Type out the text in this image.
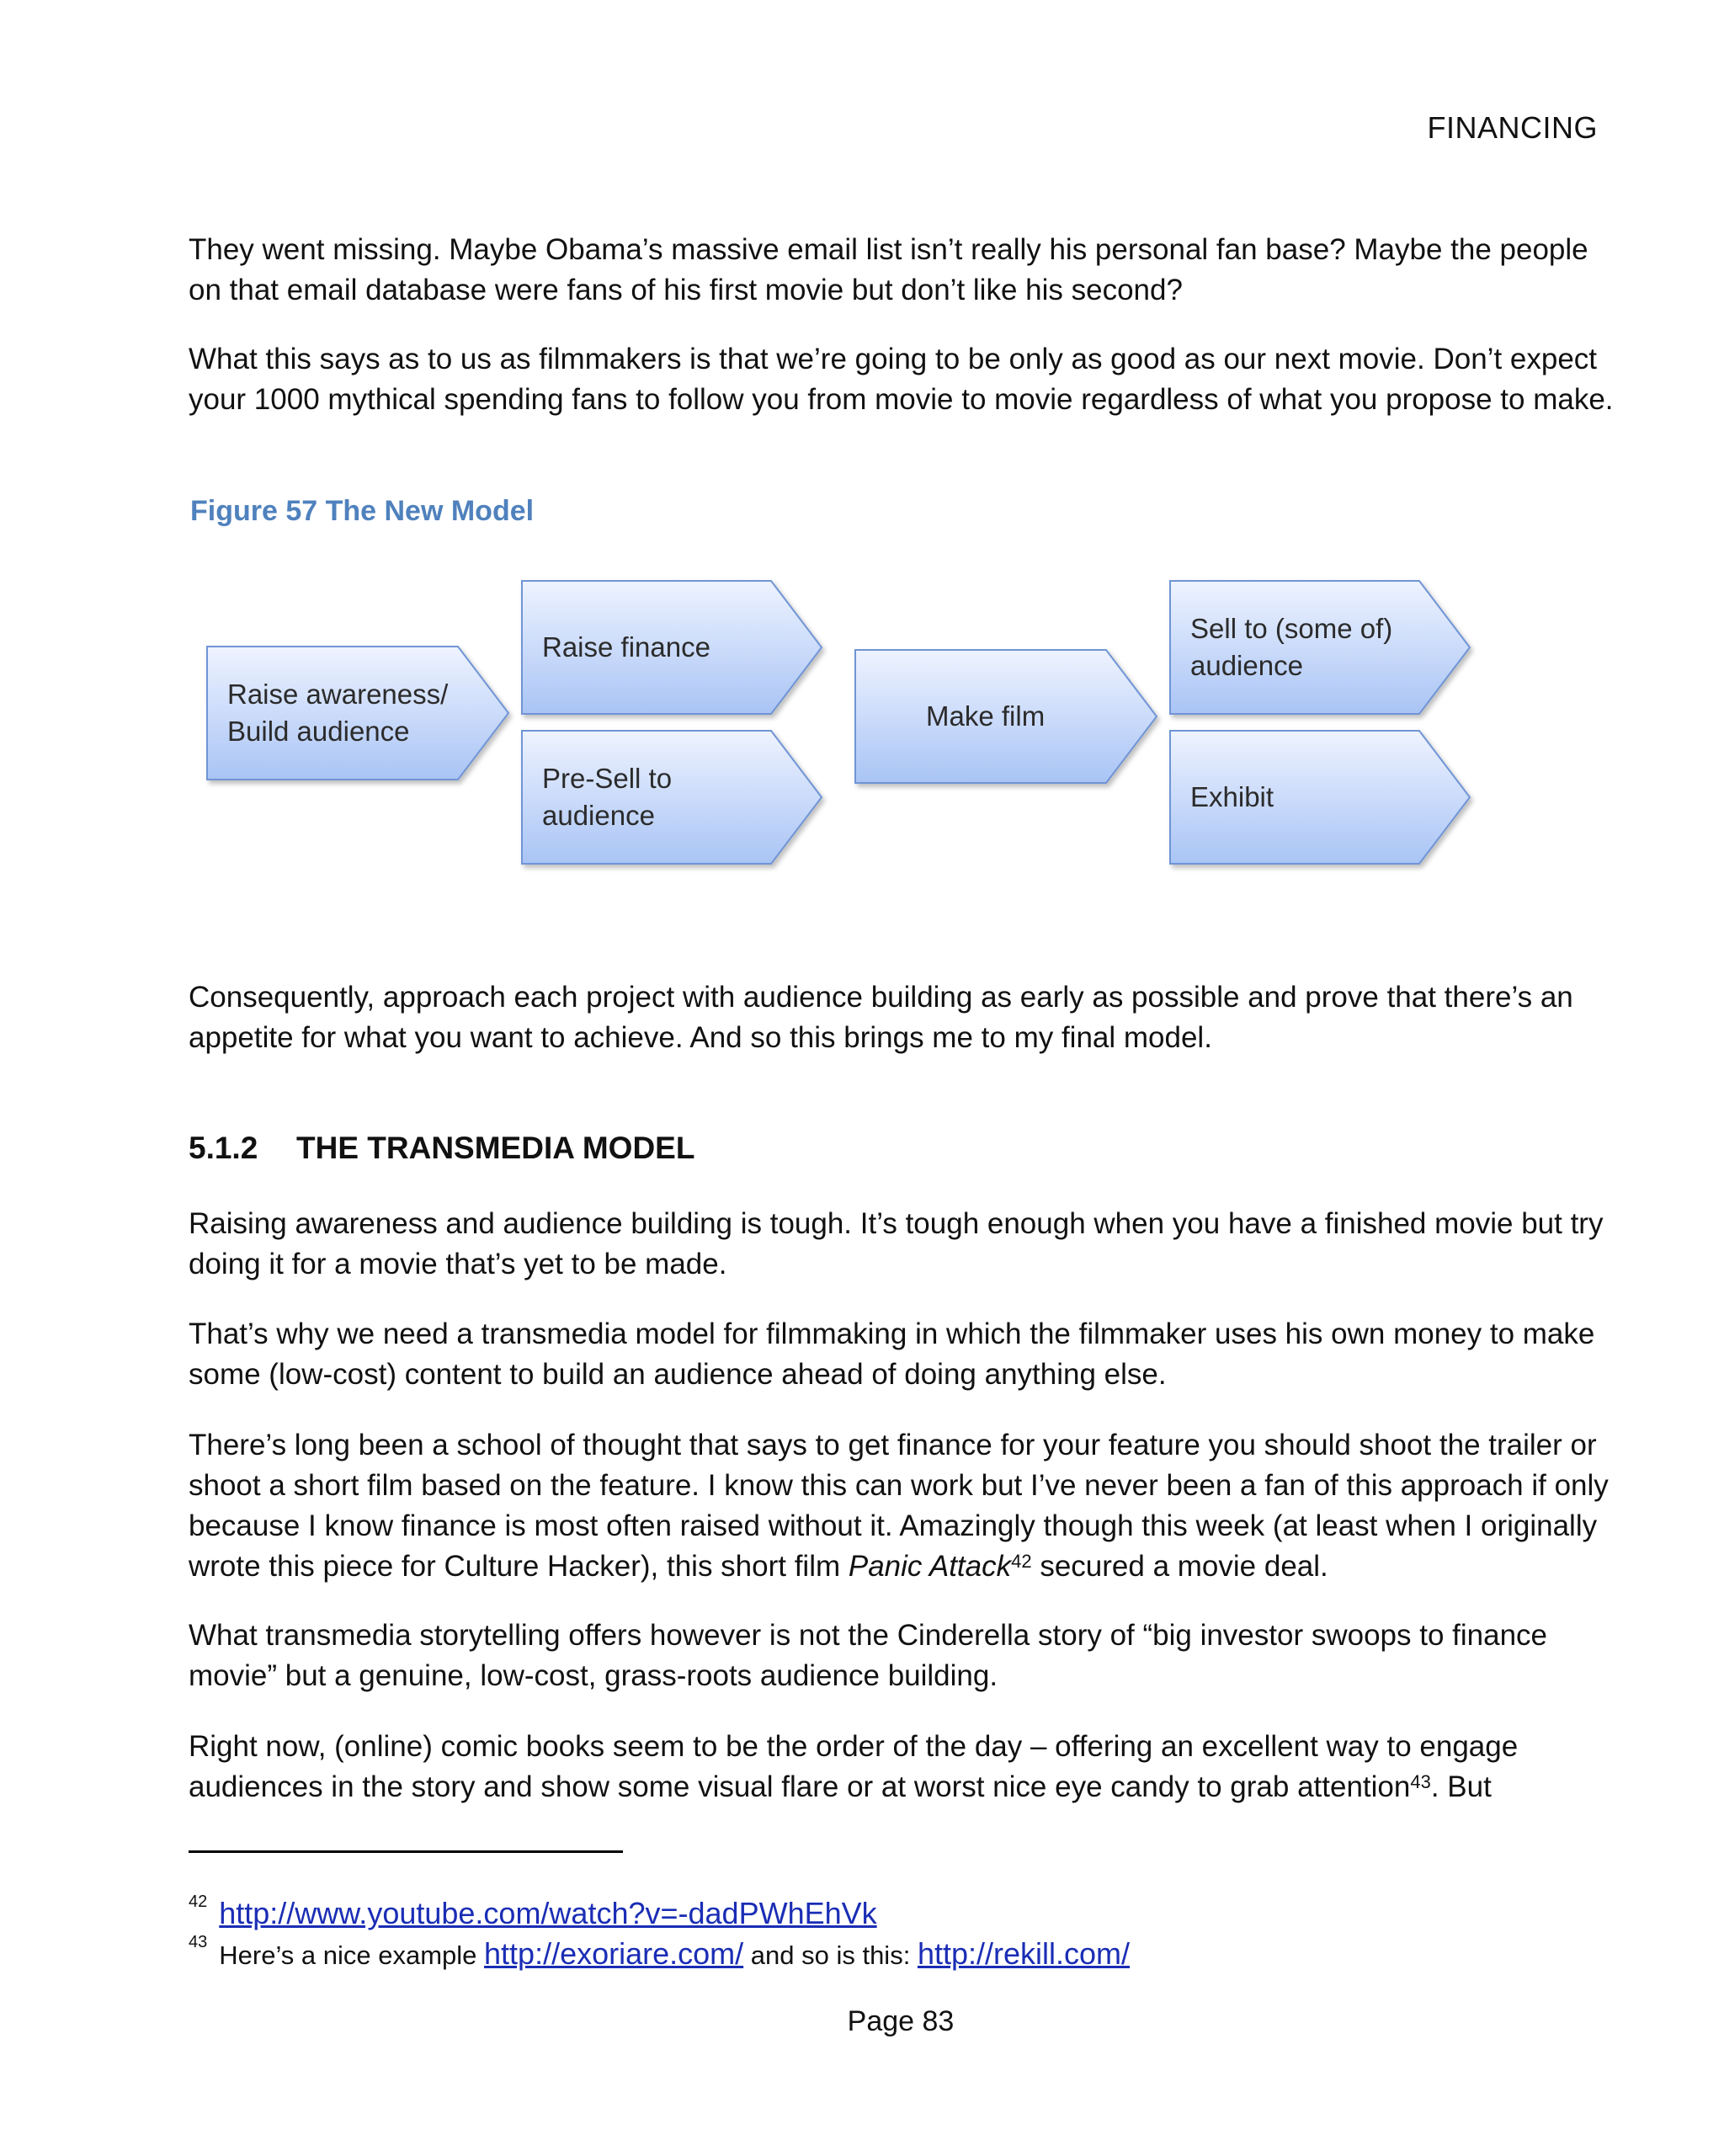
FINANCING

They went missing. Maybe Obama’s massive email list isn’t really his personal fan base? Maybe the people on that email database were fans of his first movie but don’t like his second?

What this says as to us as filmmakers is that we’re going to be only as good as our next movie. Don’t expect your 1000 mythical spending fans to follow you from movie to movie regardless of what you propose to make.

Figure 57 The New Model
Raise awareness/
Build audience
Raise finance
Pre-Sell to
audience
Make film
Sell to (some of)
audience
Exhibit

Consequently, approach each project with audience building as early as possible and prove that there’s an appetite for what you want to achieve. And so this brings me to my final model.

5.1.2 THE TRANSMEDIA MODEL

Raising awareness and audience building is tough. It’s tough enough when you have a finished movie but try doing it for a movie that’s yet to be made.

That’s why we need a transmedia model for filmmaking in which the filmmaker uses his own money to make some (low-cost) content to build an audience ahead of doing anything else.

There’s long been a school of thought that says to get finance for your feature you should shoot the trailer or shoot a short film based on the feature. I know this can work but I’ve never been a fan of this approach if only because I know finance is most often raised without it. Amazingly though this week (at least when I originally wrote this piece for Culture Hacker), this short film Panic Attack$^{42}$ secured a movie deal.

What transmedia storytelling offers however is not the Cinderella story of “big investor swoops to finance movie” but a genuine, low-cost, grass-roots audience building.

Right now, (online) comic books seem to be the order of the day – offering an excellent way to engage audiences in the story and show some visual flare or at worst nice eye candy to grab attention$^{43}$. But

$^{42}$ http://www.youtube.com/watch?v=-dadPWhEhVk
$^{43}$ Here’s a nice example http://exoriare.com/ and so is this: http://rekill.com/
Page 83
